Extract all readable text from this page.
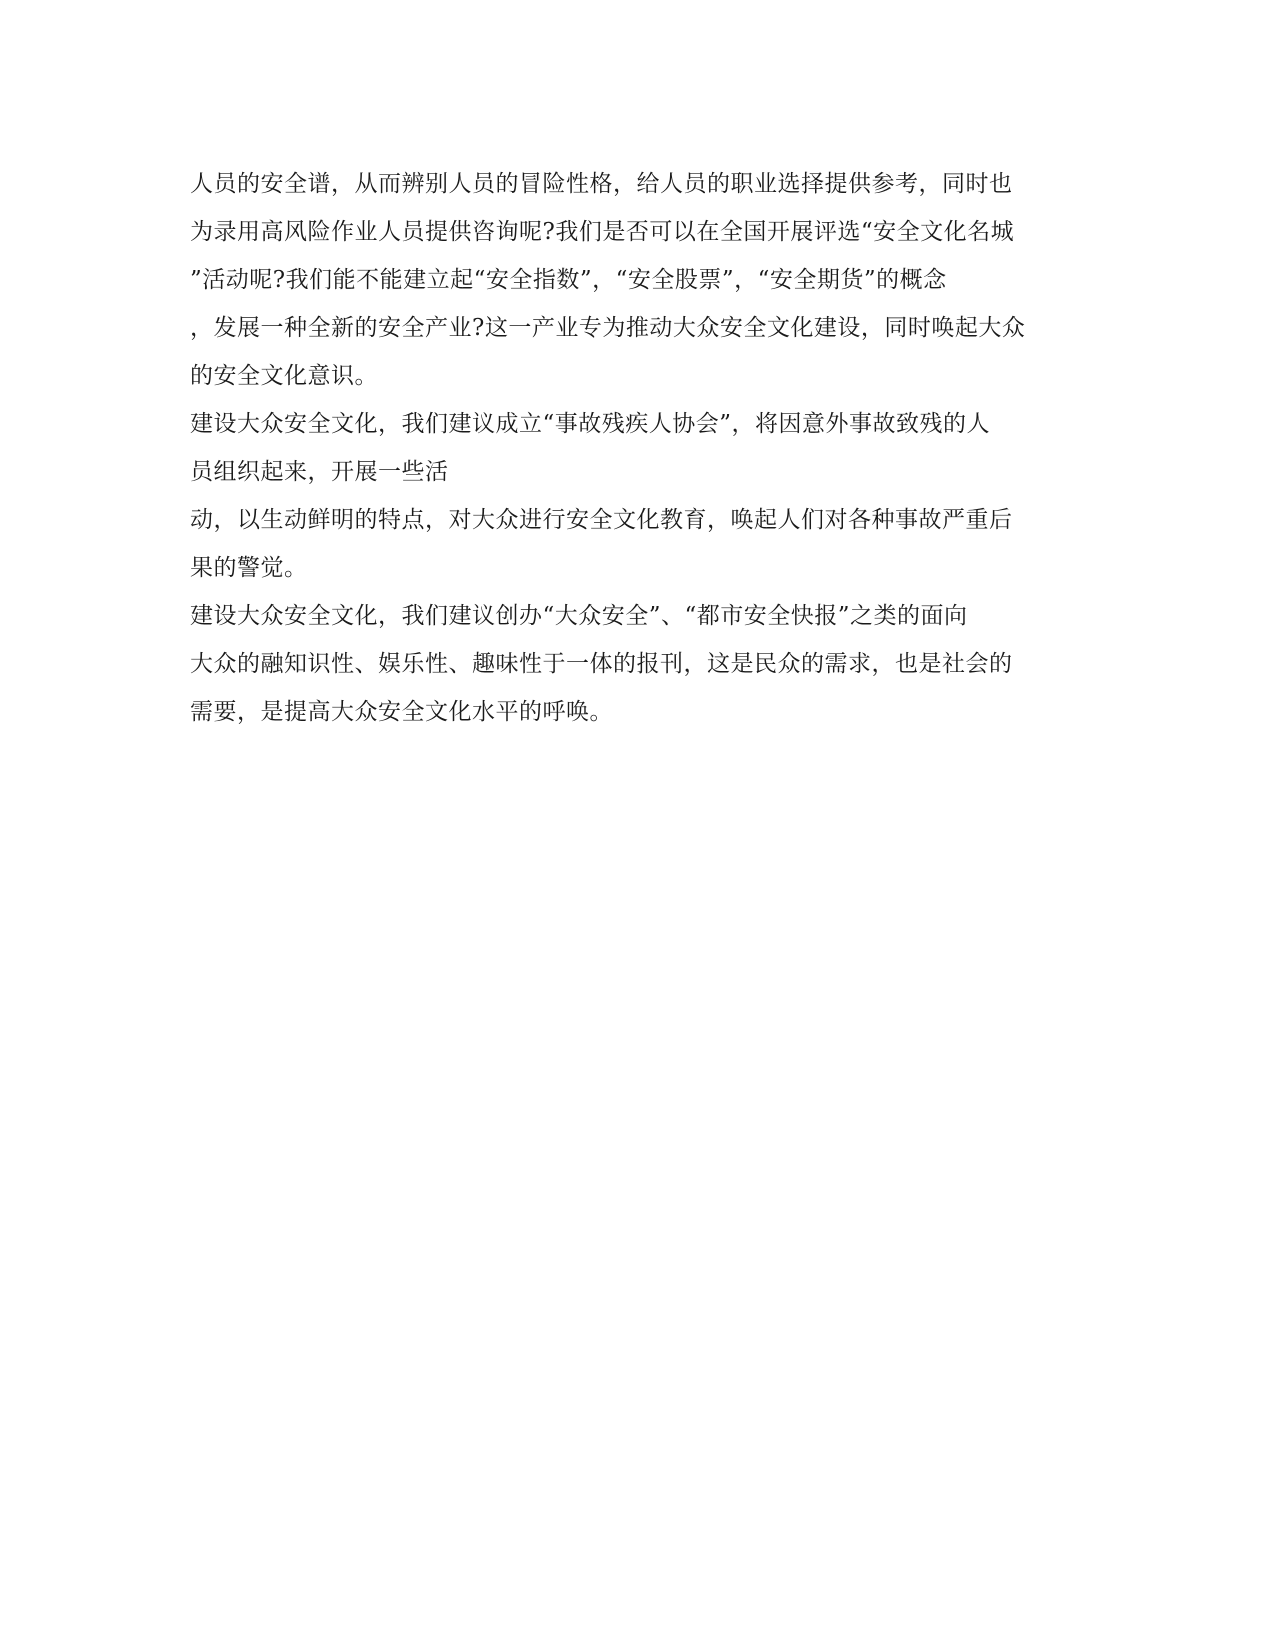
人员的安全谱，从而辨别人员的冒险性格，给人员的职业选择提供参考，同时也
为录用高风险作业人员提供咨询呢?我们是否可以在全国开展评选“安全文化名城
”活动呢?我们能不能建立起“安全指数”，“安全股票”，“安全期货”的概念
，发展一种全新的安全产业?这一产业专为推动大众安全文化建设，同时唤起大众
的安全文化意识。
建设大众安全文化，我们建议成立“事故残疾人协会”，将因意外事故致残的人
员组织起来，开展一些活
动，以生动鲜明的特点，对大众进行安全文化教育，唤起人们对各种事故严重后
果的警觉。
建设大众安全文化，我们建议创办“大众安全”、“都市安全快报”之类的面向
大众的融知识性、娱乐性、趣味性于一体的报刊，这是民众的需求，也是社会的
需要，是提高大众安全文化水平的呼唤。
